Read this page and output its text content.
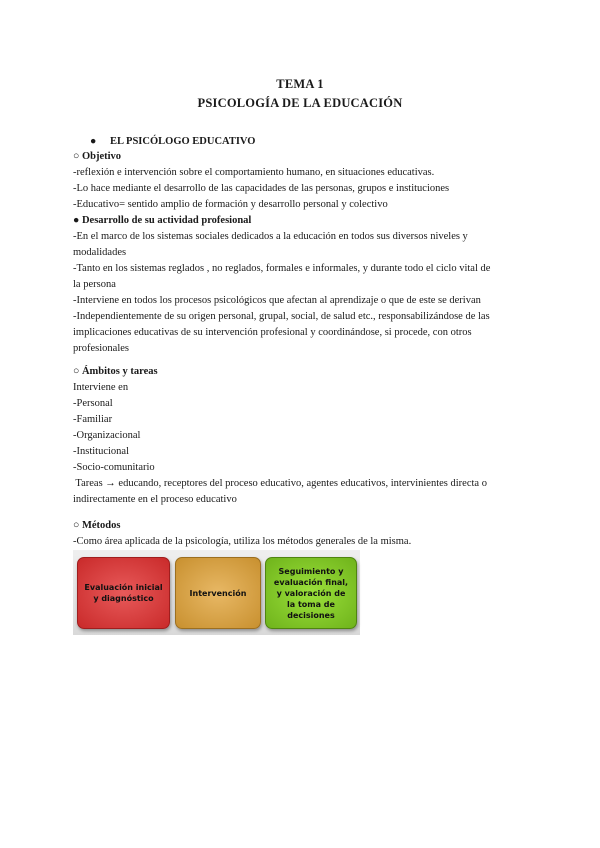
TEMA 1
PSICOLOGÍA DE LA EDUCACIÓN
● EL PSICÓLOGO EDUCATIVO
○ Objetivo
-reflexión e intervención sobre el comportamiento humano, en situaciones educativas.
-Lo hace mediante el desarrollo de las capacidades de las personas, grupos e instituciones
-Educativo= sentido amplio de formación y desarrollo personal y colectivo
● Desarrollo de su actividad profesional
-En el marco de los sistemas sociales dedicados a la educación en todos sus diversos niveles y
modalidades
-Tanto en los sistemas reglados , no reglados, formales e informales, y durante todo el ciclo vital de
la persona
-Interviene en todos los procesos psicológicos que afectan al aprendizaje o que de este se derivan
-Independientemente de su origen personal, grupal, social, de salud etc., responsabilizándose de las
implicaciones educativas de su intervención profesional y coordinándose, si procede, con otros
profesionales
○ Ámbitos y tareas
Interviene en
-Personal
-Familiar
-Organizacional
-Institucional
-Socio-comunitario
Tareas → educando, receptores del proceso educativo, agentes educativos, intervinientes directa o
indirectamente en el proceso educativo
○ Métodos
-Como área aplicada de la psicología, utiliza los métodos generales de la misma.
Evaluación inicial
y diagnóstico
Intervención
Seguimiento y
evaluación final,
y valoración de
la toma de
decisiones
